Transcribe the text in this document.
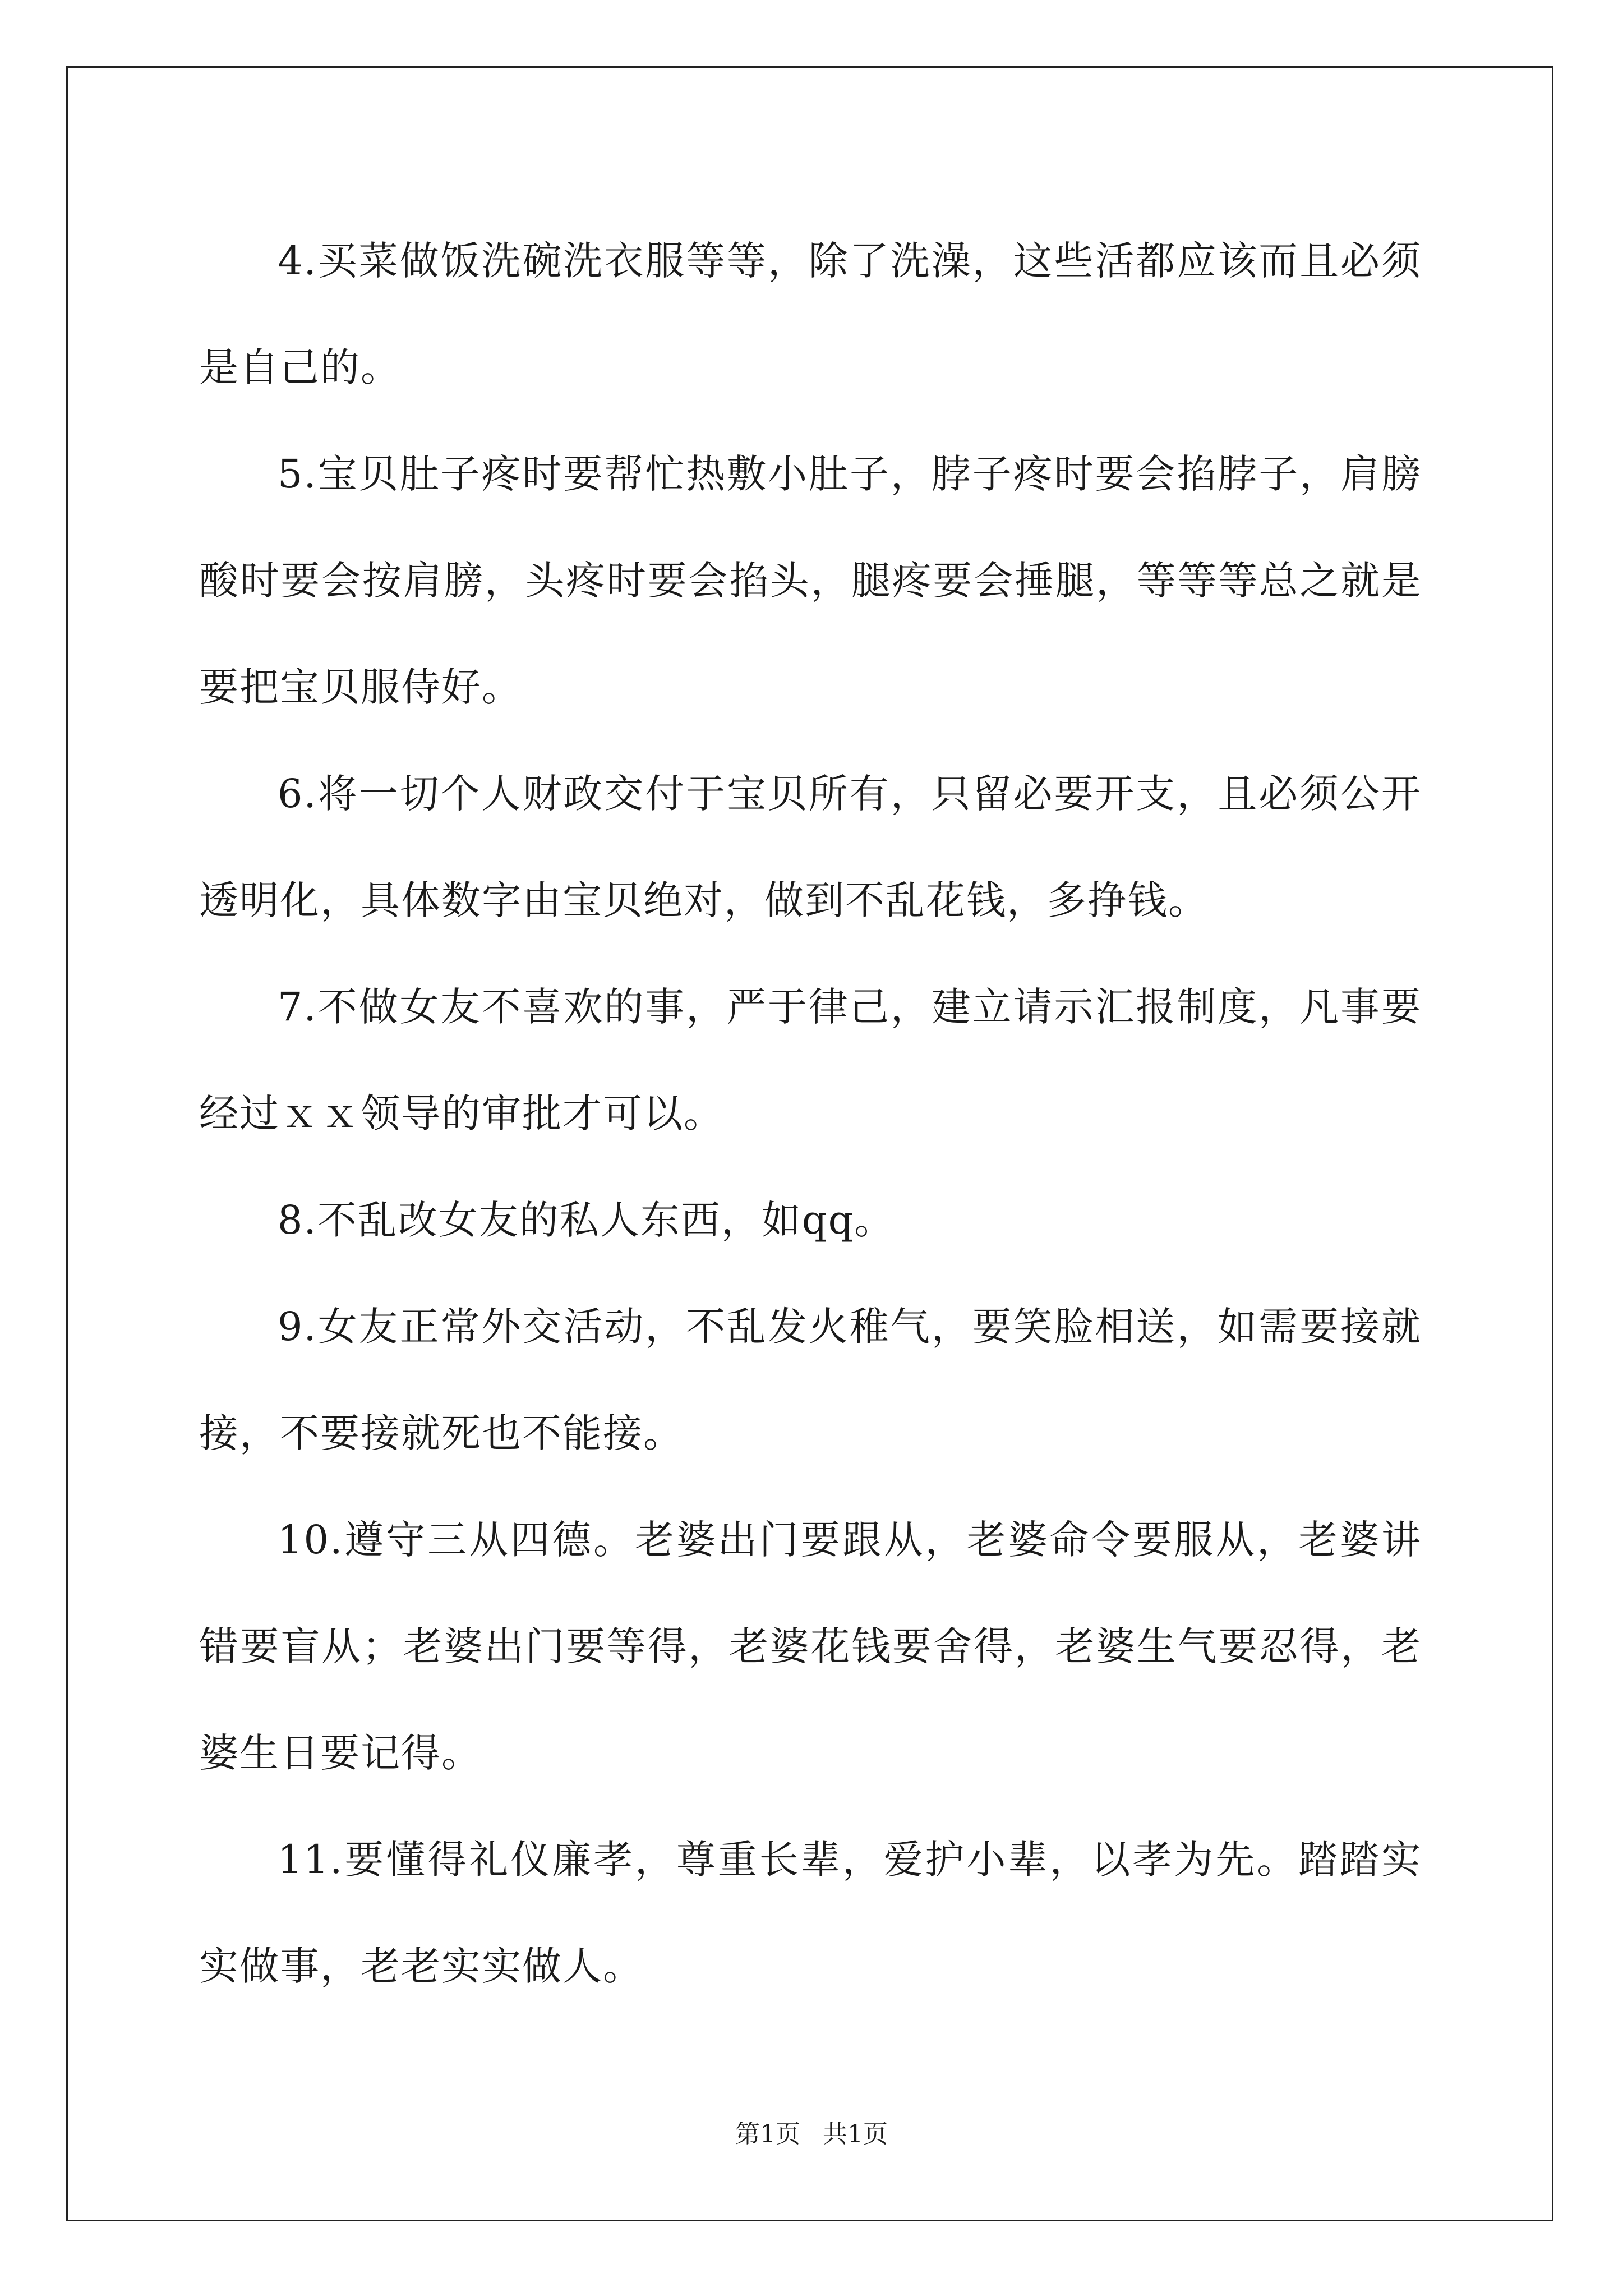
4.买菜做饭洗碗洗衣服等等，除了洗澡，这些活都应该而且必须是自己的。

5.宝贝肚子疼时要帮忙热敷小肚子，脖子疼时要会掐脖子，肩膀酸时要会按肩膀，头疼时要会掐头，腿疼要会捶腿，等等等总之就是要把宝贝服侍好。

6.将一切个人财政交付于宝贝所有，只留必要开支，且必须公开透明化，具体数字由宝贝绝对，做到不乱花钱，多挣钱。

7.不做女友不喜欢的事，严于律己，建立请示汇报制度，凡事要经过ｘｘ领导的审批才可以。

8.不乱改女友的私人东西，如qq。

9.女友正常外交活动，不乱发火稚气，要笑脸相送，如需要接就接，不要接就死也不能接。

10.遵守三从四德。老婆出门要跟从，老婆命令要服从，老婆讲错要盲从；老婆出门要等得，老婆花钱要舍得，老婆生气要忍得，老婆生日要记得。

11.要懂得礼仪廉孝，尊重长辈，爱护小辈，以孝为先。踏踏实实做事，老老实实做人。

第1页 共1页
